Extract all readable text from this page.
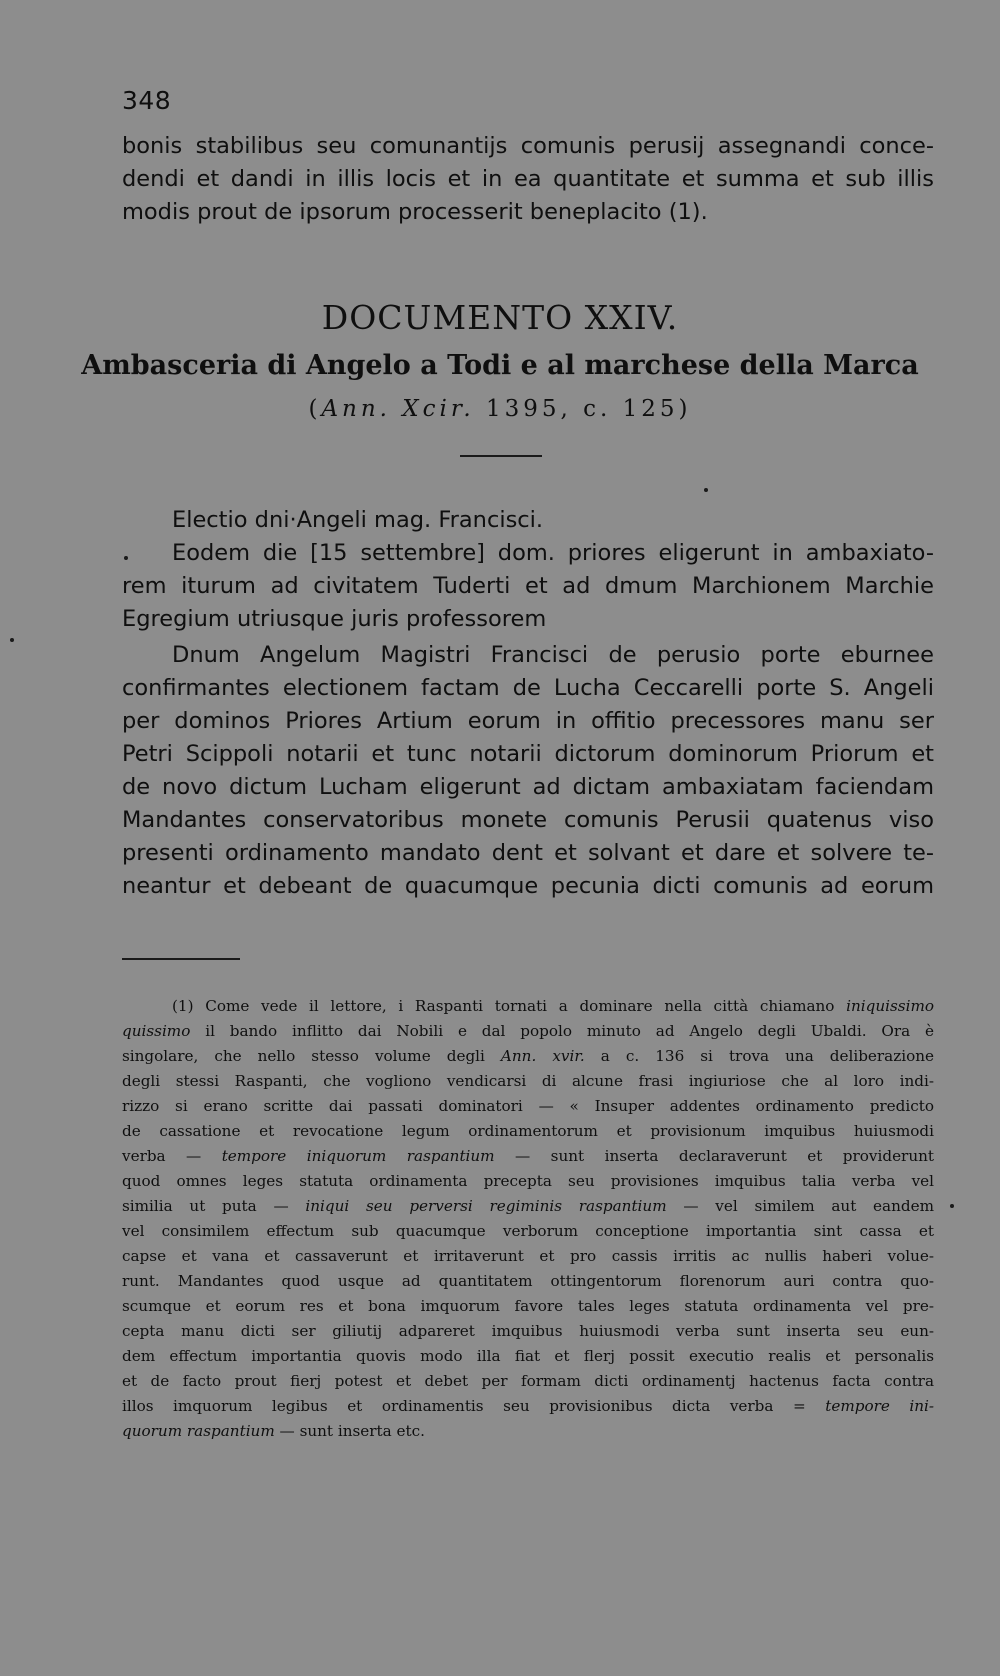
348
bonis stabilibus seu comunantijs comunis perusij assegnandi conce-
dendi et dandi in illis locis et in ea quantitate et summa et sub illis
modis prout de ipsorum processerit beneplacito (1).
DOCUMENTO XXIV.
Ambasceria di Angelo a Todi e al marchese della Marca
(Ann. Xcir. 1395, c. 125)
Electio dni·Angeli mag. Francisci.
Eodem die [15 settembre] dom. priores eligerunt in ambaxiato-
rem iturum ad civitatem Tuderti et ad dmum Marchionem Marchie
Egregium utriusque juris professorem
Dnum Angelum Magistri Francisci de perusio porte eburnee
confirmantes electionem factam de Lucha Ceccarelli porte S. Angeli
per dominos Priores Artium eorum in offitio precessores manu ser
Petri Scippoli notarii et tunc notarii dictorum dominorum Priorum et
de novo dictum Lucham eligerunt ad dictam ambaxiatam faciendam
Mandantes conservatoribus monete comunis Perusii quatenus viso
presenti ordinamento mandato dent et solvant et dare et solvere te-
neantur et debeant de quacumque pecunia dicti comunis ad eorum
(1) Come vede il lettore, i Raspanti tornati a dominare nella città chiamano iniquissimo
quissimo il bando inflitto dai Nobili e dal popolo minuto ad Angelo degli Ubaldi. Ora è
singolare, che nello stesso volume degli Ann. xvir. a c. 136 si trova una deliberazione
degli stessi Raspanti, che vogliono vendicarsi di alcune frasi ingiuriose che al loro indi-
rizzo si erano scritte dai passati dominatori — « Insuper addentes ordinamento predicto
de cassatione et revocatione legum ordinamentorum et provisionum imquibus huiusmodi
verba — tempore iniquorum raspantium — sunt inserta declaraverunt et providerunt
quod omnes leges statuta ordinamenta precepta seu provisiones imquibus talia verba vel
similia ut puta — iniqui seu perversi regiminis raspantium — vel similem aut eandem
vel consimilem effectum sub quacumque verborum conceptione importantia sint cassa et
capse et vana et cassaverunt et irritaverunt et pro cassis irritis ac nullis haberi volue-
runt. Mandantes quod usque ad quantitatem ottingentorum florenorum auri contra quo-
scumque et eorum res et bona imquorum favore tales leges statuta ordinamenta vel pre-
cepta manu dicti ser giliutij adpareret imquibus huiusmodi verba sunt inserta seu eun-
dem effectum importantia quovis modo illa fiat et flerj possit executio realis et personalis
et de facto prout fierj potest et debet per formam dicti ordinamentj hactenus facta contra
illos imquorum legibus et ordinamentis seu provisionibus dicta verba = tempore ini-
quorum raspantium — sunt inserta etc.
